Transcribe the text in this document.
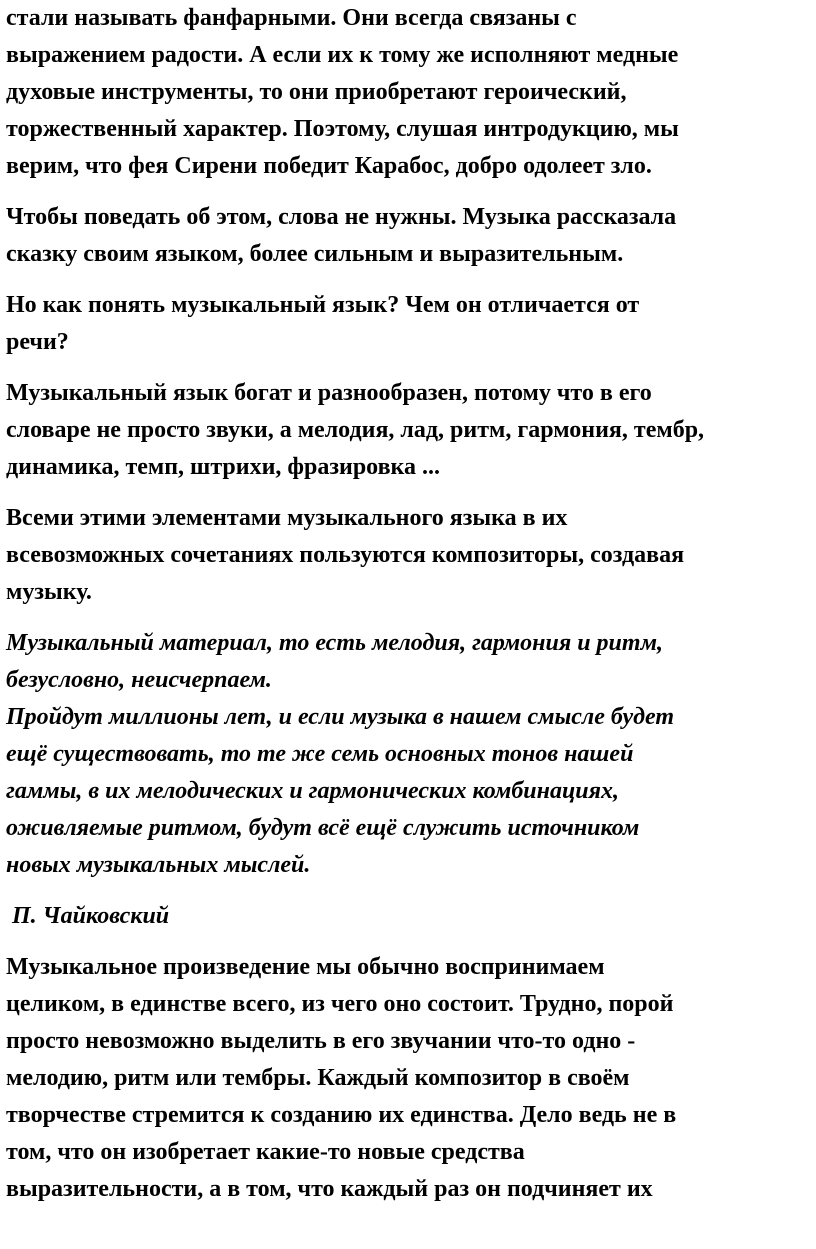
стали называть фанфарными. Они всегда связаны с
выражением радости. А если их к тому же исполняют медные
духовые инструменты, то они приобретают героический,
торжественный характер. Поэтому, слушая интродукцию, мы
верим, что фея Сирени победит Карабос, добро одолеет зло.

Чтобы поведать об этом, слова не нужны. Музыка рассказала
сказку своим языком, более сильным и выразительным.

Но как понять музыкальный язык? Чем он отличается от
речи?

Музыкальный язык богат и разнообразен, потому что в его
словаре не просто звуки, а мелодия, лад, ритм, гармония, тембр,
динамика, темп, штрихи, фразировка ...

Всеми этими элементами музыкального языка в их
всевозможных сочетаниях пользуются композиторы, создавая
музыку.

Музыкальный материал, то есть мелодия, гармония и ритм,
безусловно, неисчерпаем.
Пройдут миллионы лет, и если музыка в нашем смысле будет
ещё существовать, то те же семь основных тонов нашей
гаммы, в их мелодических и гармонических комбинациях,
оживляемые ритмом, будут всё ещё служить источником
новых музыкальных мыслей.

П. Чайковский

Музыкальное произведение мы обычно воспринимаем
целиком, в единстве всего, из чего оно состоит. Трудно, порой
просто невозможно выделить в его звучании что-то одно -
мелодию, ритм или тембры. Каждый композитор в своём
творчестве стремится к созданию их единства. Дело ведь не в
том, что он изобретает какие-то новые средства
выразительности, а в том, что каждый раз он подчиняет их
